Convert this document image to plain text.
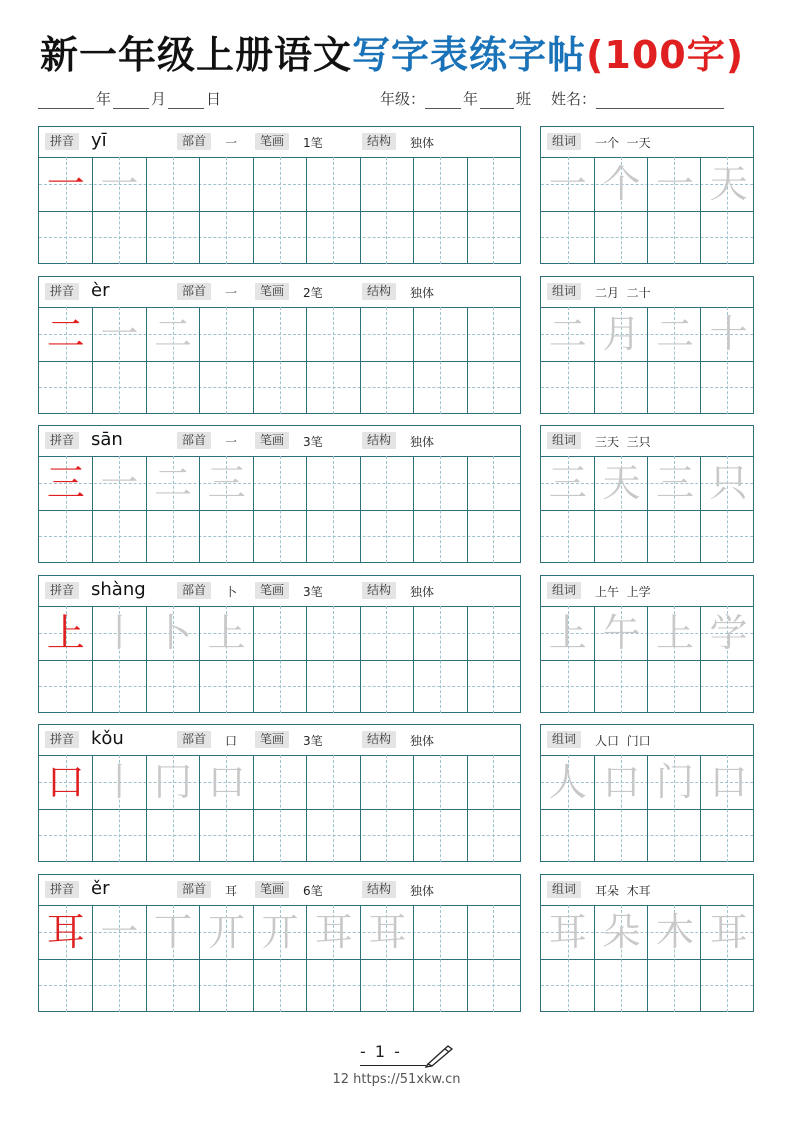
新一年级上册语文写字表练字帖(100字)
年	月	日	年级：	年	班 姓名：
拼音 yī	部首	一	笔画	1笔	结构	独体
一 一
组词	一个  一天
一 个 一 天
拼音 èr	部首	一	笔画	2笔	结构	独体
二 一 二
组词	二月  二十
二 月 二 十
拼音 sān	部首	一	笔画	3笔	结构	独体
三 一 二 三
组词	三天  三只
三 天 三 只
拼音 shàng	部首	卜	笔画	3笔	结构	独体
上 丨 卜 上
组词	上午  上学
上 午 上 学
拼音 kǒu	部首	口	笔画	3笔	结构	独体
口 丨 冂 口
组词	人口  门口
人 口 门 口
拼音 ěr	部首	耳	笔画	6笔	结构	独体
耳 一 丅 丌 丌 耳 耳
组词	耳朵  木耳
耳 朵 木 耳
- 1 -
12 https://51xkw.cn
